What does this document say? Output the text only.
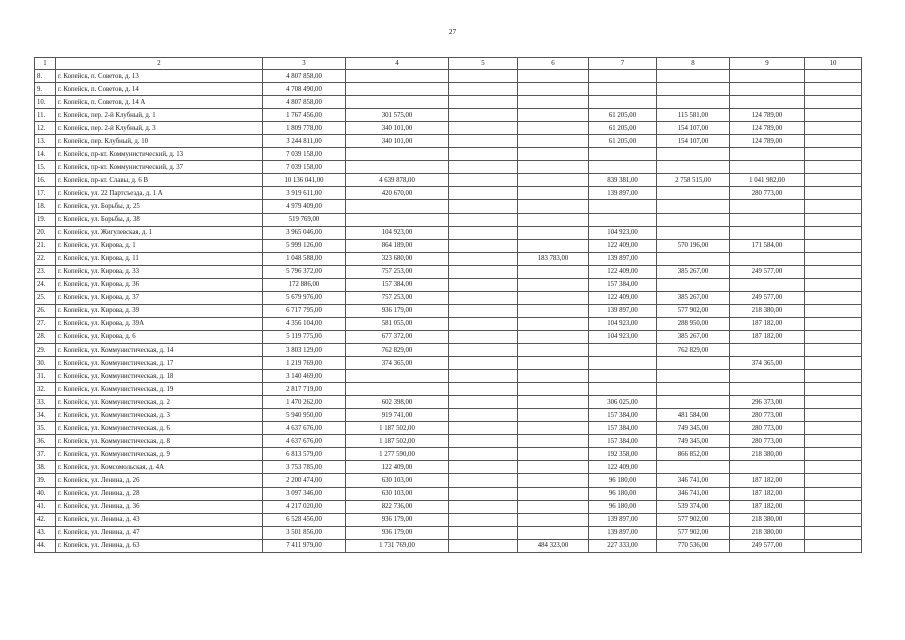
27
1	2	3	4	5	6	7	8	9	10
8.	г. Копейск, п. Советов, д. 13	4 807 858,00							
9.	г. Копейск, п. Советов, д. 14	4 708 490,00							
10.	г. Копейск, п. Советов, д. 14 А	4 807 858,00							
11.	г. Копейск, пер. 2-й Клубный, д. 1	1 767 456,00	301 575,00			61 205,00	115 581,00	124 789,00	
12.	г. Копейск, пер. 2-й Клубный, д. 3	1 809 778,00	340 101,00			61 205,00	154 107,00	124 789,00	
13.	г. Копейск, пер. Клубный, д. 10	3 244 811,00	340 101,00			61 205,00	154 107,00	124 789,00	
14.	г. Копейск, пр-кт. Коммунистический, д. 13	7 039 158,00							
15.	г. Копейск, пр-кт. Коммунистический, д. 37	7 039 158,00							
16.	г. Копейск, пр-кт. Славы, д. 6 В	10 136 041,00	4 639 878,00			839 381,00	2 758 515,00	1 041 982,00	
17.	г. Копейск, ул. 22 Партсъезда, д. 1 А	3 919 611,00	420 670,00			139 897,00		280 773,00	
18.	г. Копейск, ул. Борьбы, д. 25	4 979 409,00							
19.	г. Копейск, ул. Борьбы, д. 38	519 769,00							
20.	г. Копейск, ул. Жигулевская, д. 1	3 965 046,00	104 923,00			104 923,00			
21.	г. Копейск, ул. Кирова, д. 1	5 999 126,00	864 189,00			122 409,00	570 196,00	171 584,00	
22.	г. Копейск, ул. Кирова, д. 11	1 048 588,00	323 680,00		183 783,00	139 897,00			
23.	г. Копейск, ул. Кирова, д. 33	5 796 372,00	757 253,00			122 409,00	385 267,00	249 577,00	
24.	г. Копейск, ул. Кирова, д. 36	172 886,00	157 384,00			157 384,00			
25.	г. Копейск, ул. Кирова, д. 37	5 679 976,00	757 253,00			122 409,00	385 267,00	249 577,00	
26.	г. Копейск, ул. Кирова, д. 39	6 717 795,00	936 179,00			139 897,00	577 902,00	218 380,00	
27.	г. Копейск, ул. Кирова, д. 39А	4 356 104,00	581 055,00			104 923,00	288 950,00	187 182,00	
28.	г. Копейск, ул. Кирова, д. 6	5 119 775,00	677 372,00			104 923,00	385 267,00	187 182,00	
29.	г. Копейск, ул. Коммунистическая, д. 14	3 803 129,00	762 829,00				762 829,00		
30.	г. Копейск, ул. Коммунистическая, д. 17	1 219 769,00	374 365,00					374 365,00	
31.	г. Копейск, ул. Коммунистическая, д. 18	3 140 469,00							
32.	г. Копейск, ул. Коммунистическая, д. 19	2 817 719,00							
33.	г. Копейск, ул. Коммунистическая, д. 2	1 470 262,00	602 398,00			306 025,00		296 373,00	
34.	г. Копейск, ул. Коммунистическая, д. 3	5 940 950,00	919 741,00			157 384,00	481 584,00	280 773,00	
35.	г. Копейск, ул. Коммунистическая, д. 6	4 637 676,00	1 187 502,00			157 384,00	749 345,00	280 773,00	
36.	г. Копейск, ул. Коммунистическая, д. 8	4 637 676,00	1 187 502,00			157 384,00	749 345,00	280 773,00	
37.	г. Копейск, ул. Коммунистическая, д. 9	6 813 579,00	1 277 590,00			192 358,00	866 852,00	218 380,00	
38.	г. Копейск, ул. Комсомольская, д. 4А	3 753 785,00	122 409,00			122 409,00			
39.	г. Копейск, ул. Ленина, д. 26	2 200 474,00	630 103,00			96 180,00	346 741,00	187 182,00	
40.	г. Копейск, ул. Ленина, д. 28	3 097 346,00	630 103,00			96 180,00	346 741,00	187 182,00	
41.	г. Копейск, ул. Ленина, д. 36	4 217 020,00	822 736,00			96 180,00	539 374,00	187 182,00	
42.	г. Копейск, ул. Ленина, д. 43	6 528 456,00	936 179,00			139 897,00	577 902,00	218 380,00	
43.	г. Копейск, ул. Ленина, д. 47	3 501 856,00	936 179,00			139 897,00	577 902,00	218 380,00	
44.	г. Копейск, ул. Ленина, д. 63	7 411 979,00	1 731 769,00		484 323,00	227 333,00	770 536,00	249 577,00	
